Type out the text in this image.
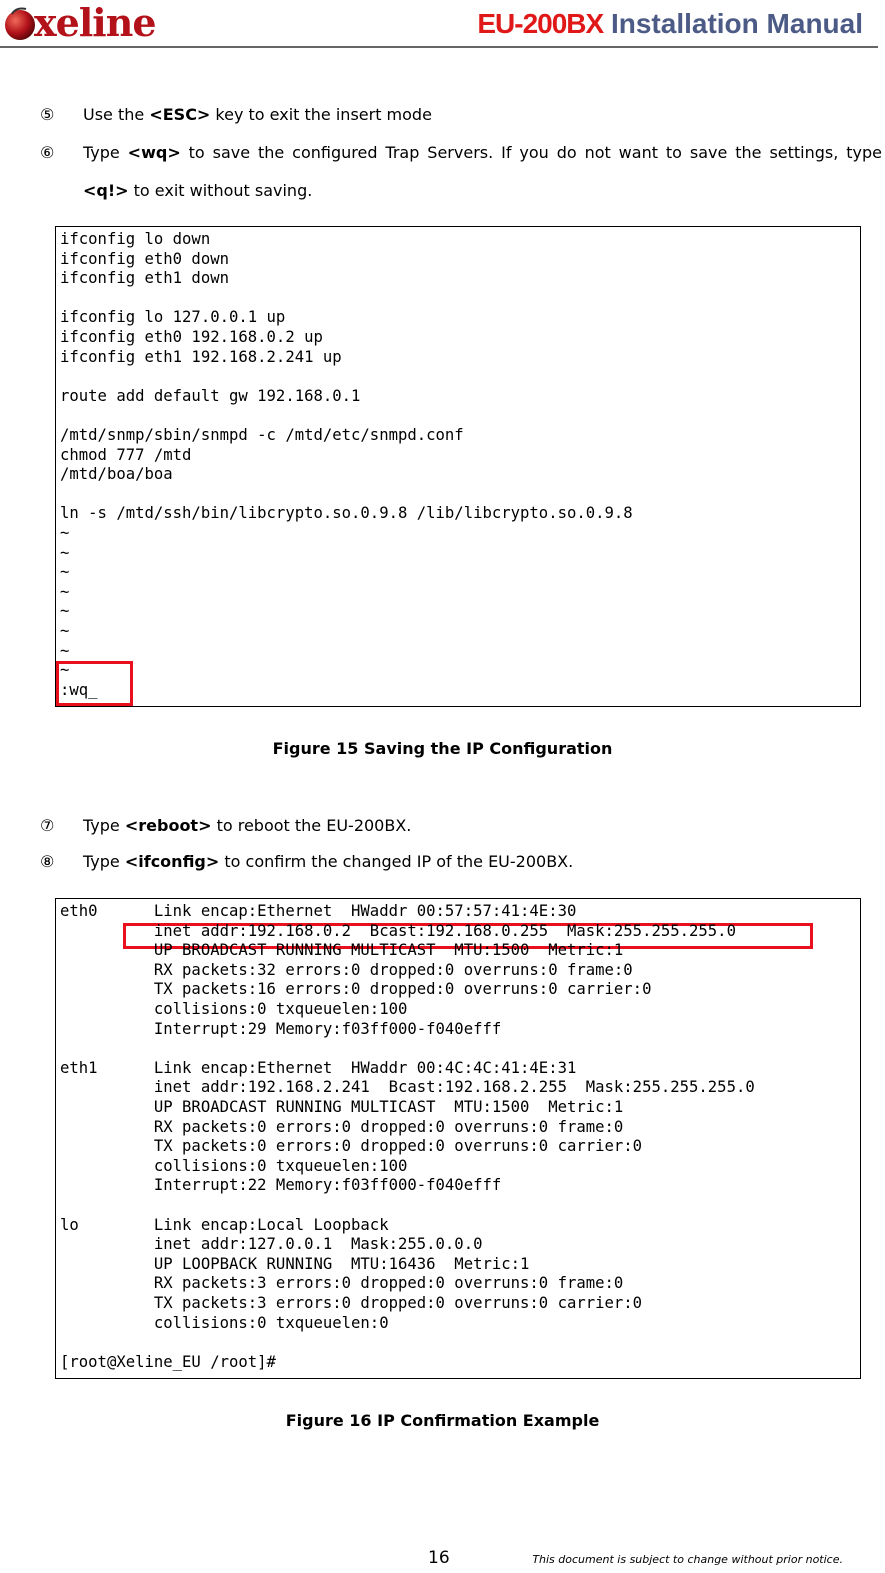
xeline	EU-200BX Installation Manual
⑤	Use the <ESC> key to exit the insert mode
⑥	Type <wq> to save the configured Trap Servers. If you do not want to save the settings, type <q!> to exit without saving.

ifconfig lo down
ifconfig eth0 down
ifconfig eth1 down
ifconfig lo 127.0.0.1 up
ifconfig eth0 192.168.0.2 up
ifconfig eth1 192.168.2.241 up
route add default gw 192.168.0.1
/mtd/snmp/sbin/snmpd -c /mtd/etc/snmpd.conf
chmod 777 /mtd
/mtd/boa/boa
ln -s /mtd/ssh/bin/libcrypto.so.0.9.8 /lib/libcrypto.so.0.9.8
~
~
~
~
~
~
~
~
:wq_
Figure 15 Saving the IP Configuration
⑦	Type <reboot> to reboot the EU-200BX.
⑧	Type <ifconfig> to confirm the changed IP of the EU-200BX.

eth0      Link encap:Ethernet  HWaddr 00:57:57:41:4E:30
inet addr:192.168.0.2  Bcast:192.168.0.255  Mask:255.255.255.0
UP BROADCAST RUNNING MULTICAST  MTU:1500  Metric:1
RX packets:32 errors:0 dropped:0 overruns:0 frame:0
TX packets:16 errors:0 dropped:0 overruns:0 carrier:0
collisions:0 txqueuelen:100
Interrupt:29 Memory:f03ff000-f040efff
eth1      Link encap:Ethernet  HWaddr 00:4C:4C:41:4E:31
inet addr:192.168.2.241  Bcast:192.168.2.255  Mask:255.255.255.0
UP BROADCAST RUNNING MULTICAST  MTU:1500  Metric:1
RX packets:0 errors:0 dropped:0 overruns:0 frame:0
TX packets:0 errors:0 dropped:0 overruns:0 carrier:0
collisions:0 txqueuelen:100
Interrupt:22 Memory:f03ff000-f040efff
lo        Link encap:Local Loopback
inet addr:127.0.0.1  Mask:255.0.0.0
UP LOOPBACK RUNNING  MTU:16436  Metric:1
RX packets:3 errors:0 dropped:0 overruns:0 frame:0
TX packets:3 errors:0 dropped:0 overruns:0 carrier:0
collisions:0 txqueuelen:0
[root@Xeline_EU /root]#
Figure 16 IP Confirmation Example
16	This document is subject to change without prior notice.
